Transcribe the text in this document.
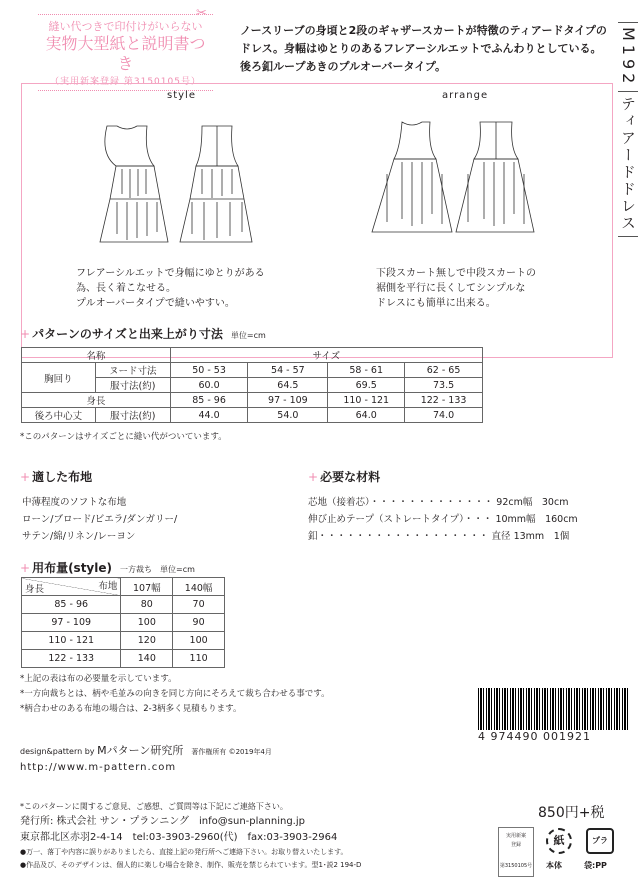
✂
縫い代つきで印付けがいらない
実物大型紙と説明書つき
（実用新案登録 第3150105号）
ノースリーブの身頃と2段のギャザースカートが特徴のティアードタイプのドレス。身幅はゆとりのあるフレアーシルエットでふんわりとしている。後ろ釦ループあきのプルオーバータイプ。	M192
ティアードドレス
style	arrange
フレアーシルエットで身幅にゆとりがある
為、長く着こなせる。
プルオーバータイプで縫いやすい。
下段スカート無しで中段スカートの
裾側を平行に長くしてシンプルな
ドレスにも簡単に出来る。
+ パターンのサイズと出来上がり寸法 単位=cm
名称		サイズ			
胸回り	ヌード寸法	50 - 53	54 - 57	58 - 61	62 - 65
	服寸法(約)	60.0	64.5	69.5	73.5
身長		85 - 96	97 - 109	110 - 121	122 - 133
後ろ中心丈	服寸法(約)	44.0	54.0	64.0	74.0
*このパターンはサイズごとに縫い代がついています。
+ 適した布地
中薄程度のソフトな布地
ローン/ブロード/ビエラ/ダンガリー/
サテン/綿/リネン/レーヨン
+ 必要な材料
芯地（接着芯）・・・・・・・・・・・・・ 92cm幅　 30cm
伸び止めテープ（ストレートタイプ）・・・ 10mm幅　 160cm
釦・・・・・・・・・・・・・・・・・・ 直径 13mm　 1個
+ 用布量(style) 一方裁ち 単位=cm
布地
身長	107幅	140幅
85 - 96	80	70
97 - 109	100	90
110 - 121	120	100
122 - 133	140	110
*上記の表は布の必要量を示しています。
*一方向裁ちとは、柄や毛並みの向きを同じ方向にそろえて裁ち合わせる事です。
*柄合わせのある布地の場合は、2-3柄多く見積もります。
4 974490 001921
design&pattern by Mパターン研究所　 著作権所有 ©2019年4月
http://www.m-pattern.com
*このパターンに関するご意見、ご感想、ご質問等は下記にご連絡下さい。
発行所: 株式会社 サン・プランニング　info@sun-planning.jp
東京都北区赤羽2-4-14　tel:03-3903-2960(代)　fax:03-3903-2964
●万一、落丁や内容に誤りがありましたら、直接上記の発行所へご連絡下さい。お取り替えいたします。
●作品及び、そのデザインは、個人的に楽しむ場合を除き、制作、販売を禁じられています。型1･説2 194-D
850円+税
実用新案
登録
第3150105号
紙
本体
プラ
袋:PP
